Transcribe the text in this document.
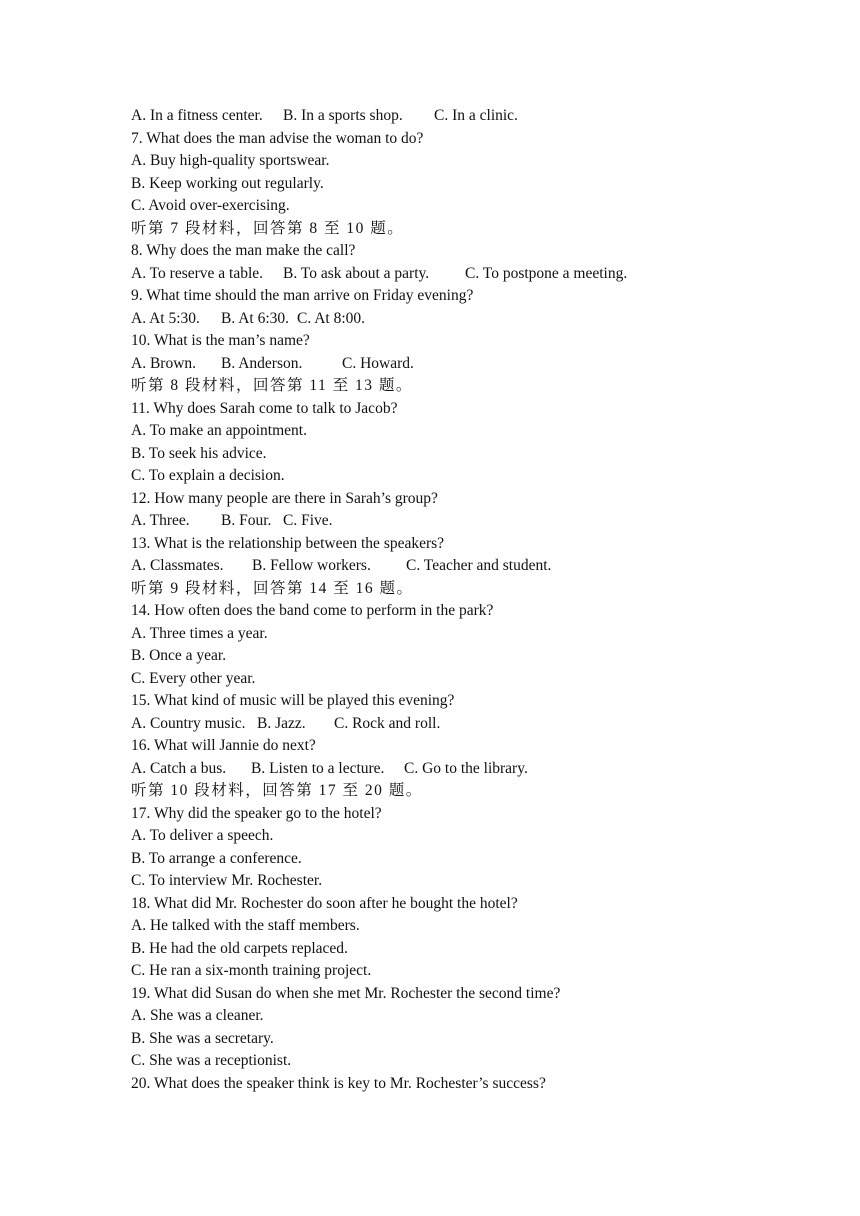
A. In a fitness center. B. In a sports shop. C. In a clinic.
7. What does the man advise the woman to do?
A. Buy high-quality sportswear.
B. Keep working out regularly.
C. Avoid over-exercising.
听第 7 段材料，回答第 8 至 10 题。
8. Why does the man make the call?
A. To reserve a table. B. To ask about a party. C. To postpone a meeting.
9. What time should the man arrive on Friday evening?
A. At 5:30. B. At 6:30. C. At 8:00.
10. What is the man’s name?
A. Brown. B. Anderson.	C. Howard.
听第 8 段材料，回答第 11 至 13 题。
11. Why does Sarah come to talk to Jacob?
A. To make an appointment.
B. To seek his advice.
C. To explain a decision.
12. How many people are there in Sarah’s group?
A. Three. B. Four. C. Five.
13. What is the relationship between the speakers?
A. Classmates. B. Fellow workers. C. Teacher and student.
听第 9 段材料，回答第 14 至 16 题。
14. How often does the band come to perform in the park?
A. Three times a year.
B. Once a year.
C. Every other year.
15. What kind of music will be played this evening?
A. Country music. B. Jazz. C. Rock and roll.
16. What will Jannie do next?
A. Catch a bus. B. Listen to a lecture. C. Go to the library.
听第 10 段材料，回答第 17 至 20 题。
17. Why did the speaker go to the hotel?
A. To deliver a speech.
B. To arrange a conference.
C. To interview Mr. Rochester.
18. What did Mr. Rochester do soon after he bought the hotel?
A. He talked with the staff members.
B. He had the old carpets replaced.
C. He ran a six-month training project.
19. What did Susan do when she met Mr. Rochester the second time?
A. She was a cleaner.
B. She was a secretary.
C. She was a receptionist.
20. What does the speaker think is key to Mr. Rochester’s success?
